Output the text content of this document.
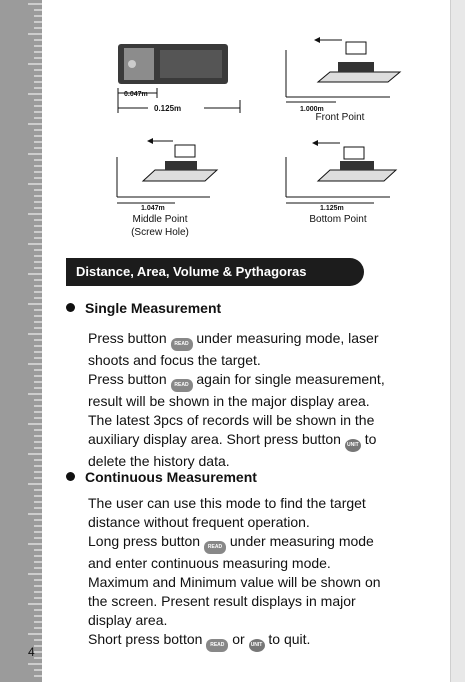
0.047m
0.125m	1.000m
Front Point
1.047m
Middle Point
(Screw Hole)
1.125m
Bottom Point
Distance, Area, Volume & Pythagoras
Single Measurement
Press button READ under measuring mode, laser
shoots and focus the target.
Press button READ again for single measurement,
result will be shown in the major display area.
The latest 3pcs of records will be shown in the
auxiliary display area. Short press button UNIT to
delete the history data.
Continuous Measurement
The user can use this mode to find the target
distance without frequent operation.
Long press button READ under measuring mode
and enter continuous measuring mode.
Maximum and Minimum value will be shown on
the screen. Present result displays in major
display area.
Short press botton READ or UNIT to quit.
4
